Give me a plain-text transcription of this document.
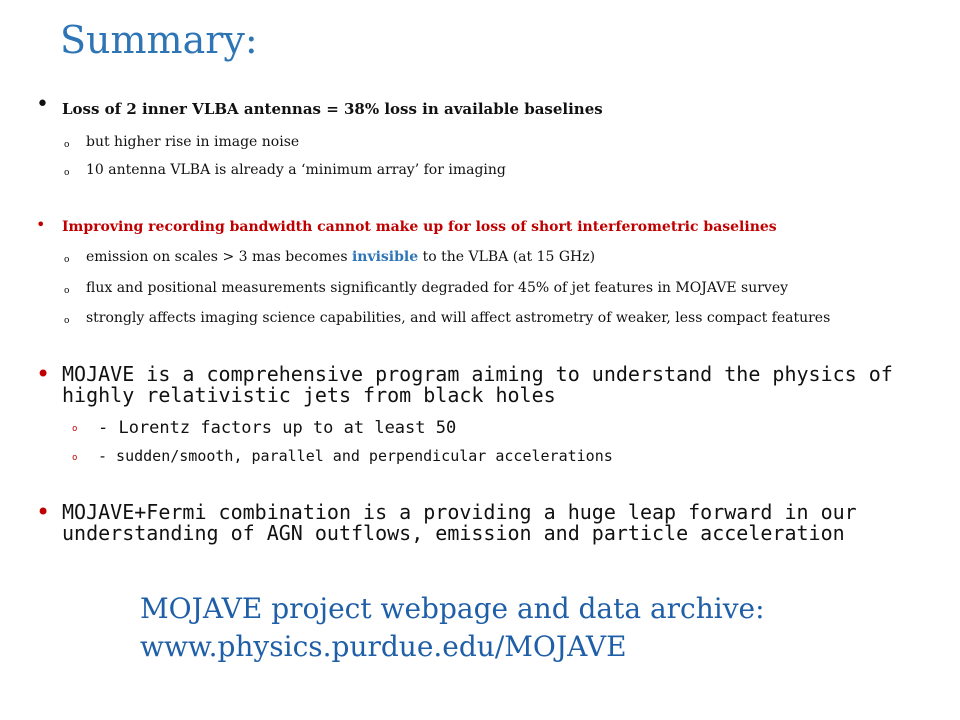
Summary:
• Loss of 2 inner VLBA antennas = 38% loss in available baselines
o but higher rise in image noise
o 10 antenna VLBA is already a ‘minimum array’ for imaging
• Improving recording bandwidth cannot make up for loss of short interferometric baselines
o emission on scales > 3 mas becomes invisible to the VLBA (at 15 GHz)
o flux and positional measurements significantly degraded for 45% of jet features in MOJAVE survey
o strongly affects imaging science capabilities, and will affect astrometry of weaker, less compact features
• MOJAVE is a comprehensive program aiming to understand the physics of
highly relativistic jets from black holes
o - Lorentz factors up to at least 50
o - sudden/smooth, parallel and perpendicular accelerations
• MOJAVE+Fermi combination is a providing a huge leap forward in our
understanding of AGN outflows, emission and particle acceleration
MOJAVE project webpage and data archive:
www.physics.purdue.edu/MOJAVE
